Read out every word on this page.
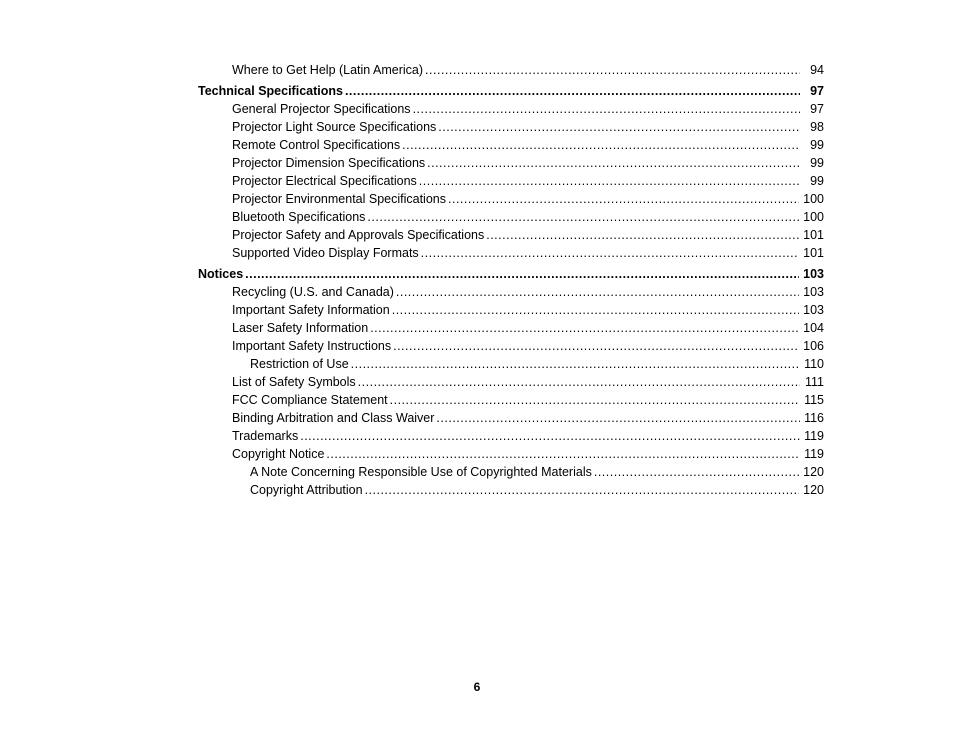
Where to Get Help (Latin America) .....	94
Technical Specifications .....	97
General Projector Specifications .....	97
Projector Light Source Specifications .....	98
Remote Control Specifications .....	99
Projector Dimension Specifications .....	99
Projector Electrical Specifications .....	99
Projector Environmental Specifications .....	100
Bluetooth Specifications .....	100
Projector Safety and Approvals Specifications .....	101
Supported Video Display Formats .....	101
Notices .....	103
Recycling (U.S. and Canada) .....	103
Important Safety Information .....	103
Laser Safety Information .....	104
Important Safety Instructions .....	106
Restriction of Use .....	110
List of Safety Symbols .....	111
FCC Compliance Statement .....	115
Binding Arbitration and Class Waiver .....	116
Trademarks .....	119
Copyright Notice .....	119
A Note Concerning Responsible Use of Copyrighted Materials .....	120
Copyright Attribution .....	120
6
